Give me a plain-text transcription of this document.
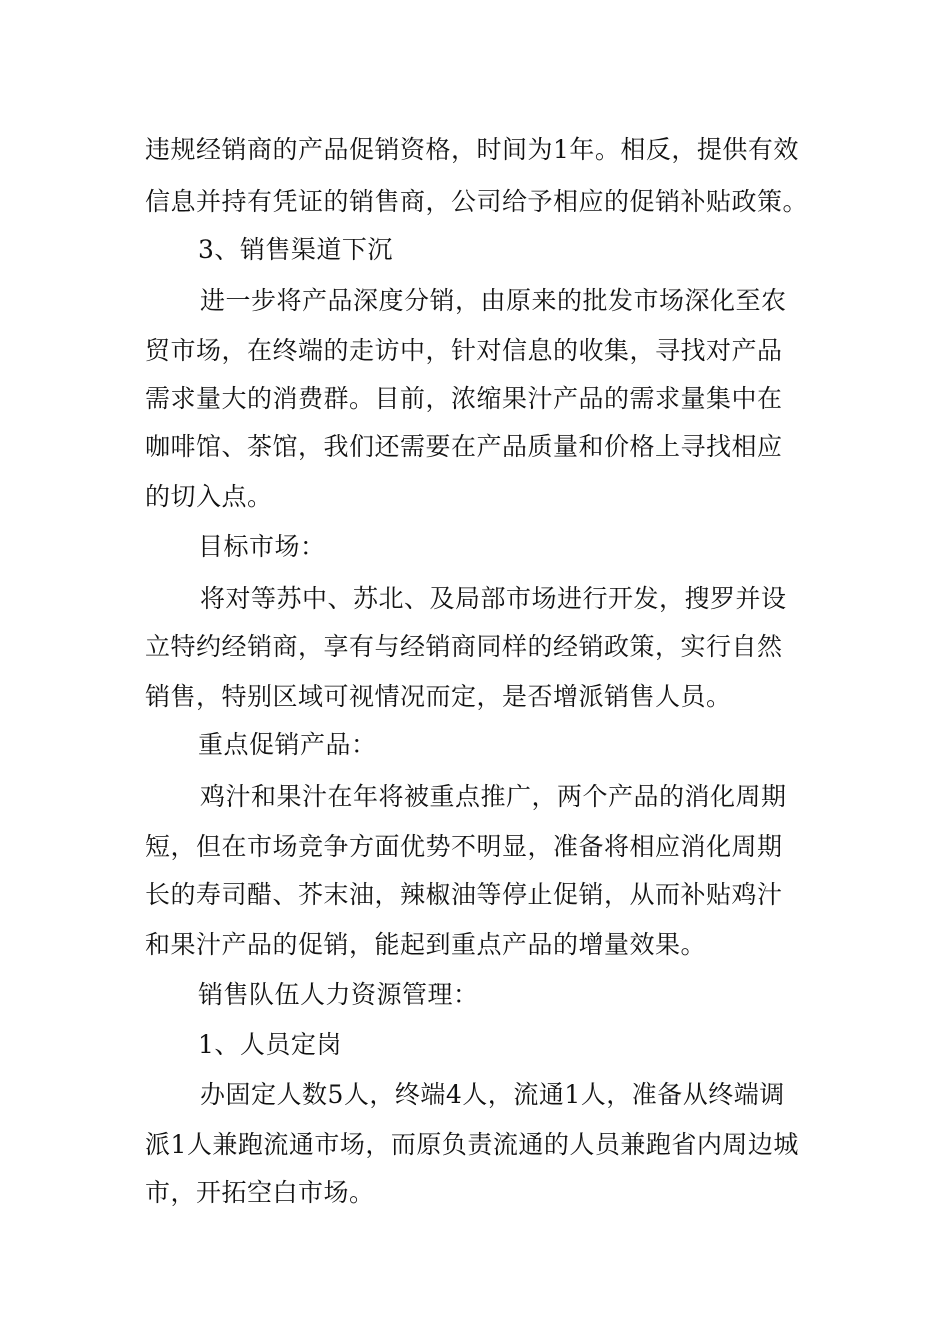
违规经销商的产品促销资格，时间为1年。相反，提供有效
信息并持有凭证的销售商，公司给予相应的促销补贴政策。
3、销售渠道下沉
进一步将产品深度分销，由原来的批发市场深化至农
贸市场，在终端的走访中，针对信息的收集，寻找对产品
需求量大的消费群。目前，浓缩果汁产品的需求量集中在
咖啡馆、茶馆，我们还需要在产品质量和价格上寻找相应
的切入点。
目标市场：
将对等苏中、苏北、及局部市场进行开发，搜罗并设
立特约经销商，享有与经销商同样的经销政策，实行自然
销售，特别区域可视情况而定，是否增派销售人员。
重点促销产品：
鸡汁和果汁在年将被重点推广，两个产品的消化周期
短，但在市场竞争方面优势不明显，准备将相应消化周期
长的寿司醋、芥末油，辣椒油等停止促销，从而补贴鸡汁
和果汁产品的促销，能起到重点产品的增量效果。
销售队伍人力资源管理：
1、人员定岗
办固定人数5人，终端4人，流通1人，准备从终端调
派1人兼跑流通市场，而原负责流通的人员兼跑省内周边城
市，开拓空白市场。
